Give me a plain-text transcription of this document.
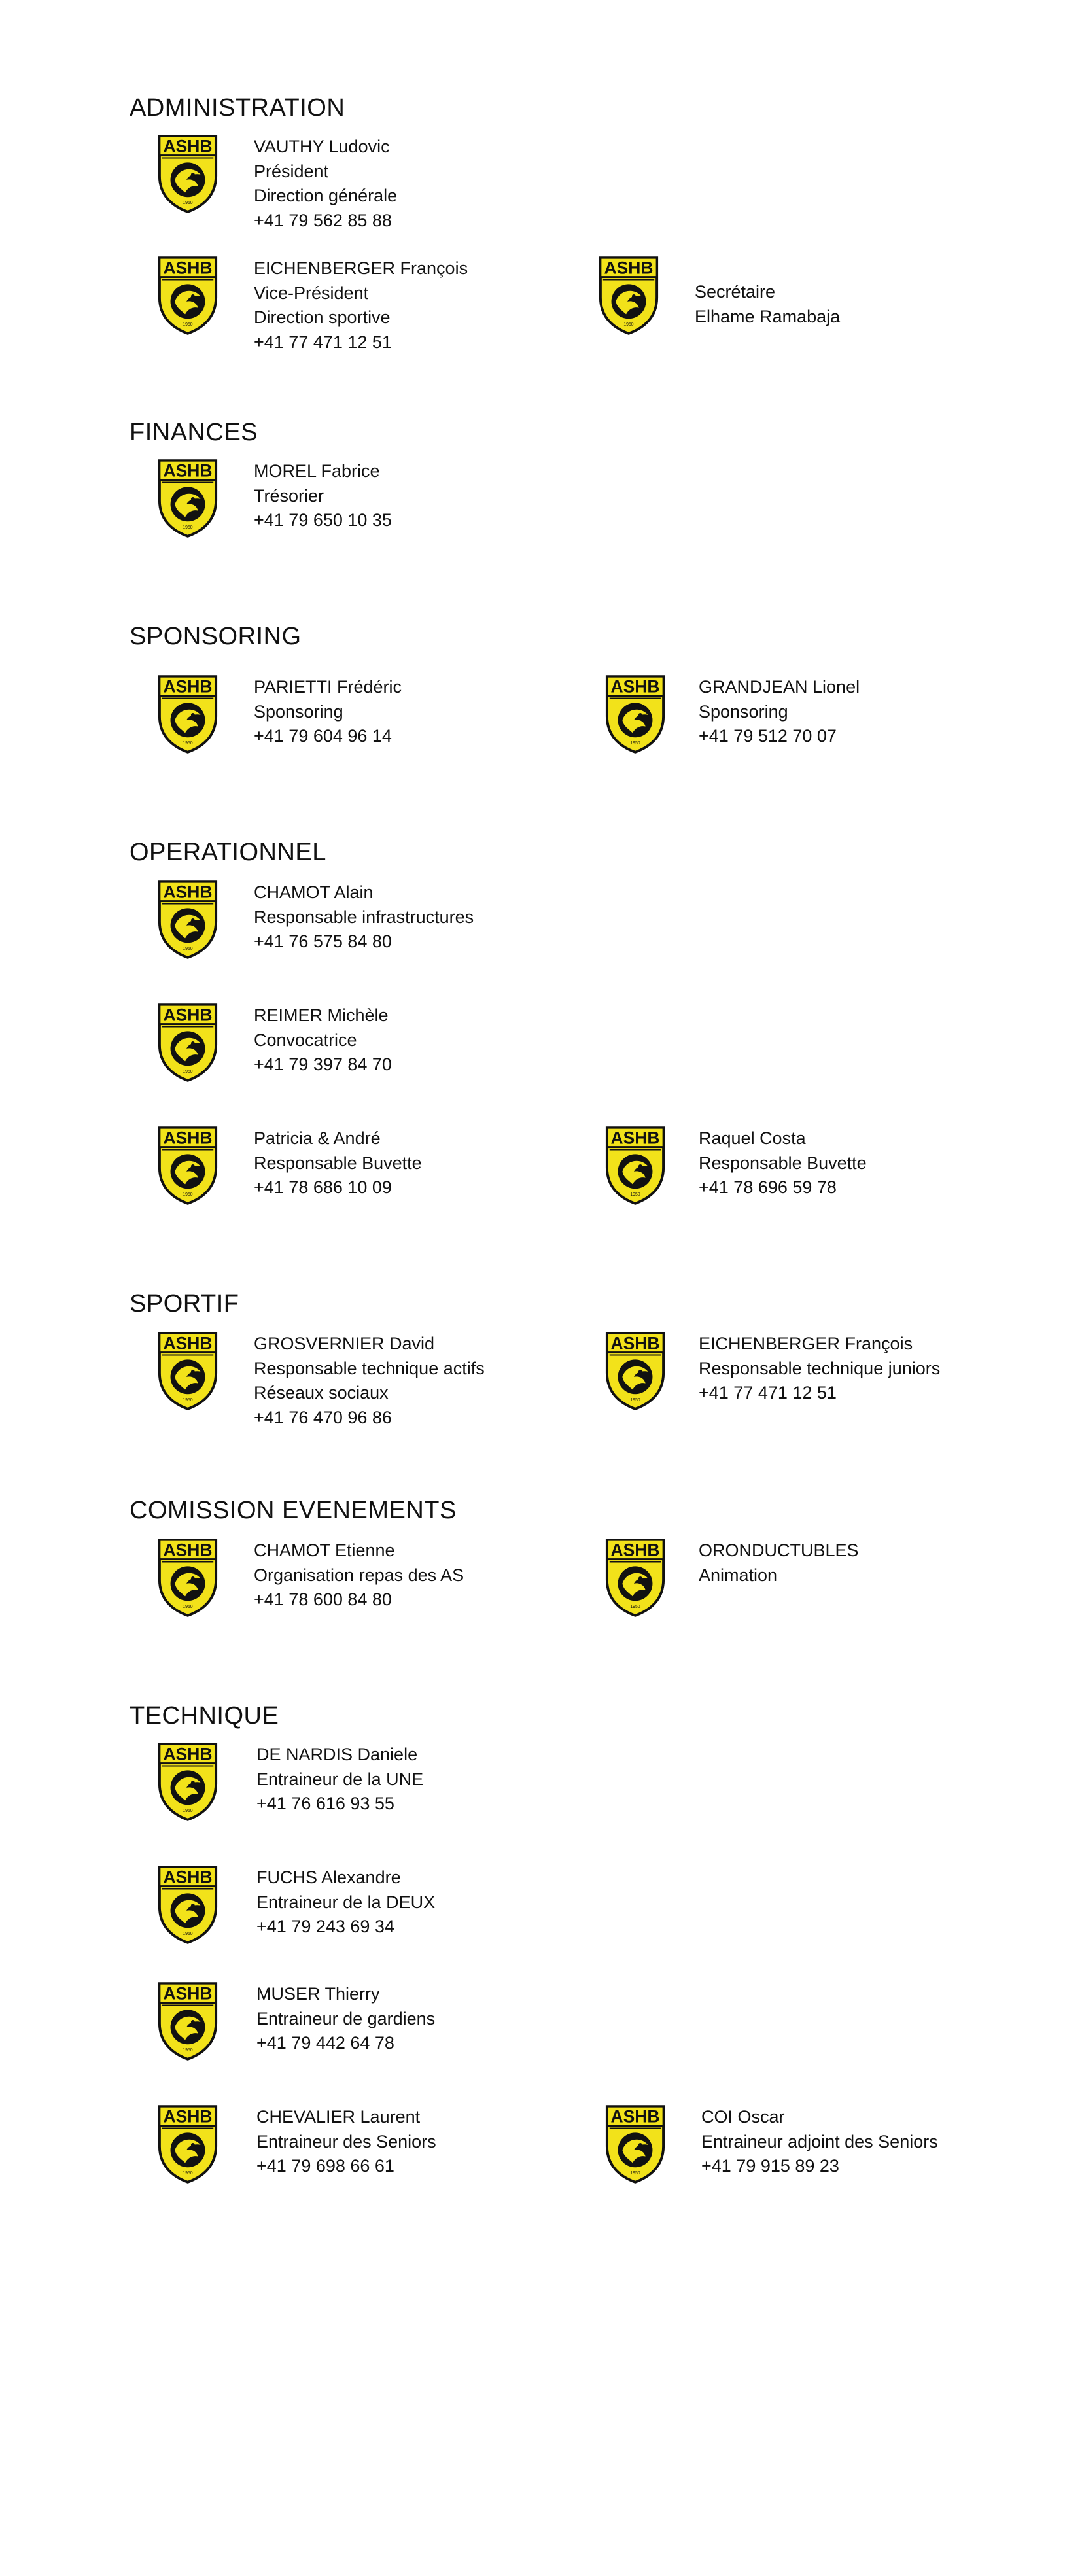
ADMINISTRATION
VAUTHY Ludovic
Président
Direction générale
+41 79 562 85 88
EICHENBERGER François
Vice-Président
Direction sportive
+41 77 471 12 51
Secrétaire
Elhame Ramabaja
FINANCES
MOREL Fabrice
Trésorier
+41 79 650 10 35
SPONSORING
PARIETTI Frédéric
Sponsoring
+41 79 604 96 14
GRANDJEAN Lionel
Sponsoring
+41 79 512 70 07
OPERATIONNEL
CHAMOT Alain
Responsable infrastructures
+41 76 575 84 80
REIMER Michèle
Convocatrice
+41 79 397 84 70
Patricia & André
Responsable Buvette
+41 78 686 10 09
Raquel Costa
Responsable Buvette
+41 78 696 59 78
SPORTIF
GROSVERNIER David
Responsable technique actifs
Réseaux sociaux
+41 76 470 96 86
EICHENBERGER François
Responsable technique juniors
+41 77 471 12 51
COMISSION EVENEMENTS
CHAMOT Etienne
Organisation repas des AS
+41 78 600 84 80
ORONDUCTUBLES
Animation
TECHNIQUE
DE NARDIS Daniele
Entraineur de la UNE
+41 76 616 93 55
FUCHS Alexandre
Entraineur de la DEUX
+41 79 243 69 34
MUSER Thierry
Entraineur de gardiens
+41 79 442 64 78
CHEVALIER Laurent
Entraineur des Seniors
+41 79 698 66 61
COI Oscar
Entraineur adjoint des Seniors
+41 79 915 89 23
